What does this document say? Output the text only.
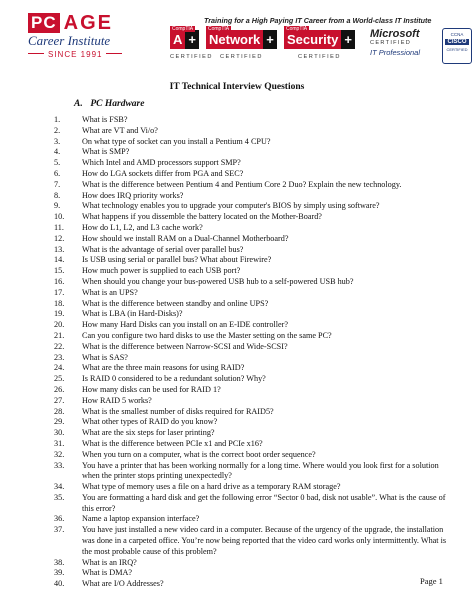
PC AGE
Career Institute
SINCE 1991
Training for a High Paying IT Career from a World-class IT Institute
CompTIA
A +
CERTIFIED
CompTIA
Network +
CERTIFIED
CompTIA
Security +
CERTIFIED
Microsoft
CERTIFIED
IT Professional
CCNA
CISCO
CERTIFIED
IT Technical Interview Questions
A. PC Hardware
1.	What is FSB?
2.	What are VT and Vi/o?
3.	On what type of socket can you install a Pentium 4 CPU?
4.	What is SMP?
5.	Which Intel and AMD processors support SMP?
6.	How do LGA sockets differ from PGA and SEC?
7.	What is the difference between Pentium 4 and Pentium Core 2 Duo? Explain the new technology.
8.	How does IRQ priority works?
9.	What technology enables you to upgrade your computer's BIOS by simply using software?
10.	What happens if you dissemble the battery located on the Mother-Board?
11.	How do L1, L2, and L3 cache work?
12.	How should we install RAM on a Dual-Channel Motherboard?
13.	What is the advantage of serial over parallel bus?
14.	Is USB using serial or parallel bus? What about Firewire?
15.	How much power is supplied to each USB port?
16.	When should you change your bus-powered USB hub to a self-powered USB hub?
17.	What is an UPS?
18.	What is the difference between standby and online UPS?
19.	What is LBA (in Hard-Disks)?
20.	How many Hard Disks can you install on an E-IDE controller?
21.	Can you configure two hard disks to use the Master setting on the same PC?
22.	What is the difference between Narrow-SCSI and Wide-SCSI?
23.	What is SAS?
24.	What are the three main reasons for using RAID?
25.	Is RAID 0 considered to be a redundant solution? Why?
26.	How many disks can be used for RAID 1?
27.	How RAID 5 works?
28.	What is the smallest number of disks required for RAID5?
29.	What other types of RAID do you know?
30.	What are the six steps for laser printing?
31.	What is the difference between PCIe x1 and PCIe x16?
32.	When you turn on a computer, what is the correct boot order sequence?
33.	You have a printer that has been working normally for a long time. Where would you look first for a solution when the printer stops printing unexpectedly?
34.	What type of memory uses a file on a hard drive as a temporary RAM storage?
35.	You are formatting a hard disk and get the following error “Sector 0 bad, disk not usable”. What is the cause of this error?
36.	Name a laptop expansion interface?
37.	You have just installed a new video card in a computer. Because of the urgency of the upgrade, the installation was done in a carpeted office. You’re now being reported that the video card works only intermittently. What is the most probable cause of this problem?
38.	What is an IRQ?
39.	What is DMA?
40.	What are I/O Addresses?	Page 1
